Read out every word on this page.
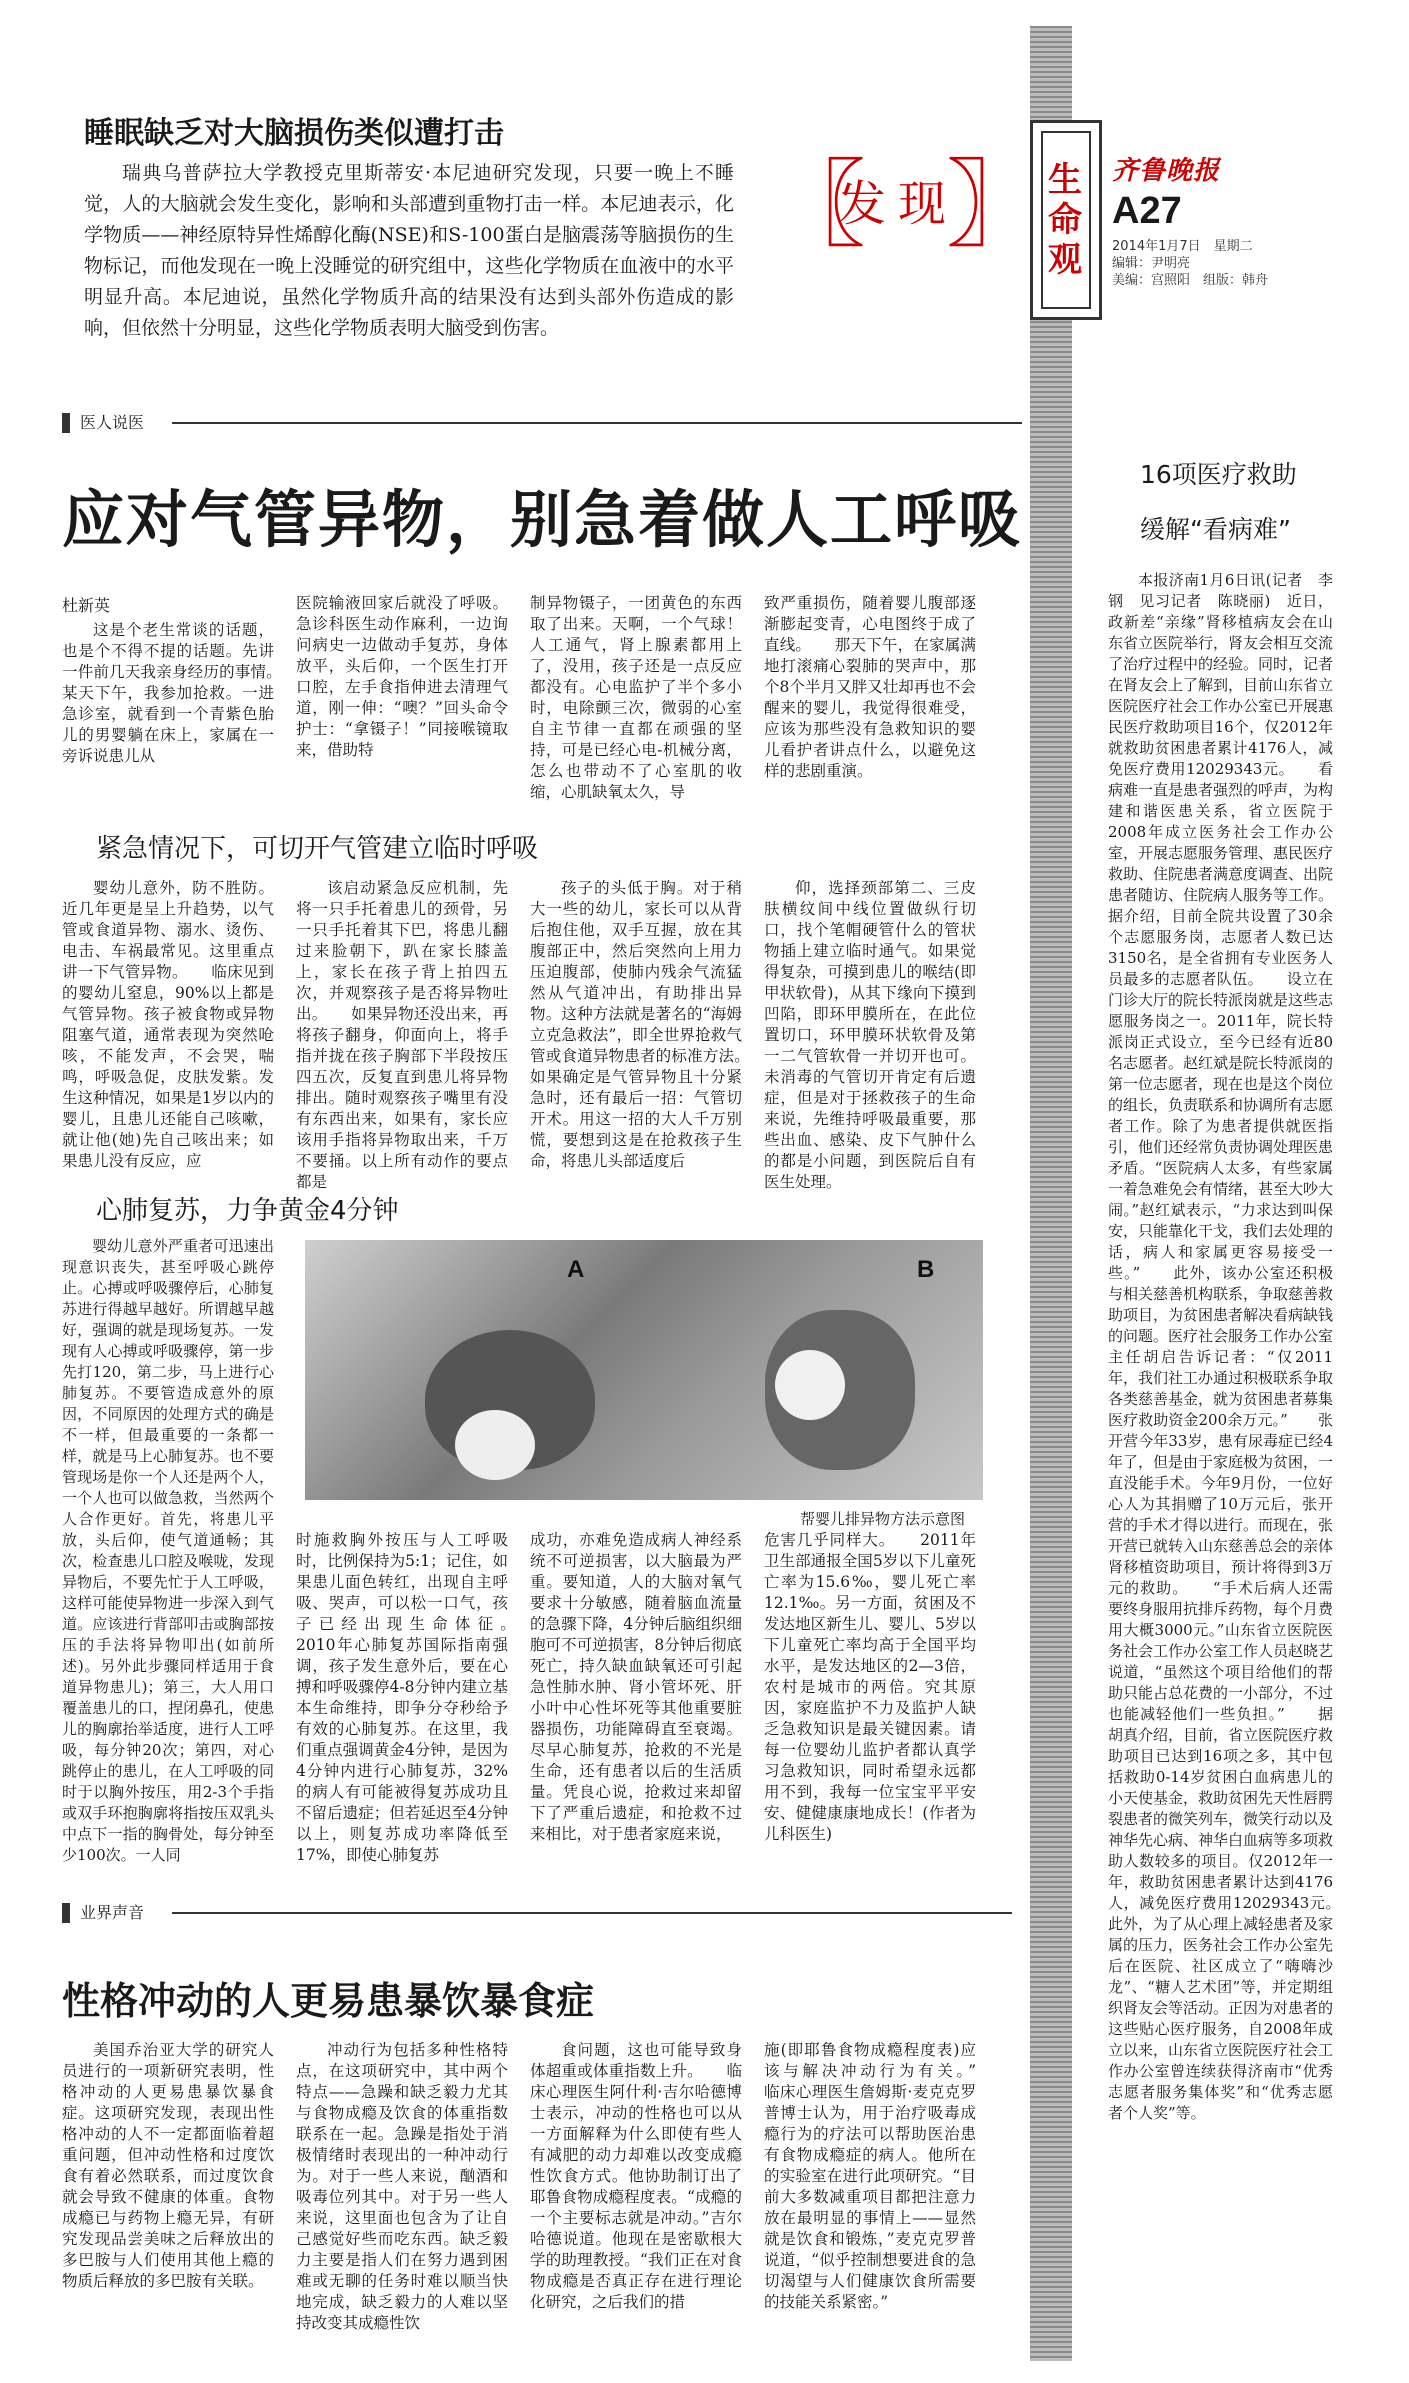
生命观
齐鲁晚报
A27
2014年1月7日　星期二
编辑：尹明亮
美编：宫照阳　组版：韩舟
〖
发现
〗
睡眠缺乏对大脑损伤类似遭打击
瑞典乌普萨拉大学教授克里斯蒂安·本尼迪研究发现，只要一晚上不睡觉，人的大脑就会发生变化，影响和头部遭到重物打击一样。本尼迪表示，化学物质——神经原特异性烯醇化酶(NSE)和S-100蛋白是脑震荡等脑损伤的生物标记，而他发现在一晚上没睡觉的研究组中，这些化学物质在血液中的水平明显升高。本尼迪说，虽然化学物质升高的结果没有达到头部外伤造成的影响，但依然十分明显，这些化学物质表明大脑受到伤害。
医人说医
应对气管异物，别急着做人工呼吸
杜新英

这是个老生常谈的话题，也是个不得不提的话题。先讲一件前几天我亲身经历的事情。　　某天下午，我参加抢救。一进急诊室，就看到一个青紫色胎儿的男婴躺在床上，家属在一旁诉说患儿从

医院输液回家后就没了呼吸。急诊科医生动作麻利，一边询问病史一边做动手复苏，身体放平，头后仰，一个医生打开口腔，左手食指伸进去清理气道，刚一伸：“噢？”回头命令护士：“拿镊子！”同接喉镜取来，借助特

制异物镊子，一团黄色的东西取了出来。天啊，一个气球！人工通气，肾上腺素都用上了，没用，孩子还是一点反应都没有。心电监护了半个多小时，电除颤三次，微弱的心室自主节律一直都在顽强的坚持，可是已经心电-机械分离，怎么也带动不了心室肌的收缩，心肌缺氧太久，导

致严重损伤，随着婴儿腹部逐渐膨起变青，心电图终于成了直线。　　那天下午，在家属满地打滚痛心裂肺的哭声中，那个8个半月又胖又壮却再也不会醒来的婴儿，我觉得很难受，应该为那些没有急救知识的婴儿看护者讲点什么，以避免这样的悲剧重演。

紧急情况下，可切开气管建立临时呼吸

婴幼儿意外，防不胜防。近几年更是呈上升趋势，以气管或食道异物、溺水、烫伤、电击、车祸最常见。这里重点讲一下气管异物。　　临床见到的婴幼儿窒息，90%以上都是气管异物。孩子被食物或异物阻塞气道，通常表现为突然呛咳，不能发声，不会哭，喘鸣，呼吸急促，皮肤发紫。发生这种情况，如果是1岁以内的婴儿，且患儿还能自己咳嗽，就让他(她)先自己咳出来；如果患儿没有反应，应

该启动紧急反应机制，先将一只手托着患儿的颈骨，另一只手托着其下巴，将患儿翻过来脸朝下，趴在家长膝盖上，家长在孩子背上拍四五次，并观察孩子是否将异物吐出。　　如果异物还没出来，再将孩子翻身，仰面向上，将手指并拢在孩子胸部下半段按压四五次，反复直到患儿将异物排出。随时观察孩子嘴里有没有东西出来，如果有，家长应该用手指将异物取出来，千万不要捅。以上所有动作的要点都是

孩子的头低于胸。对于稍大一些的幼儿，家长可以从背后抱住他，双手互握，放在其腹部正中，然后突然向上用力压迫腹部，使肺内残余气流猛然从气道冲出，有助排出异物。这种方法就是著名的“海姆立克急救法”，即全世界抢救气管或食道异物患者的标准方法。　　如果确定是气管异物且十分紧急时，还有最后一招：气管切开术。用这一招的大人千万别慌，要想到这是在抢救孩子生命，将患儿头部适度后

仰，选择颈部第二、三皮肤横纹间中线位置做纵行切口，找个笔帽硬管什么的管状物插上建立临时通气。如果觉得复杂，可摸到患儿的喉结(即甲状软骨)，从其下缘向下摸到凹陷，即环甲膜所在，在此位置切口，环甲膜环状软骨及第一二气管软骨一并切开也可。未消毒的气管切开肯定有后遗症，但是对于拯救孩子的生命来说，先维持呼吸最重要，那些出血、感染、皮下气肿什么的都是小问题，到医院后自有医生处理。

心肺复苏，力争黄金4分钟

婴幼儿意外严重者可迅速出现意识丧失，甚至呼吸心跳停止。心搏或呼吸骤停后，心肺复苏进行得越早越好。所谓越早越好，强调的就是现场复苏。一发现有人心搏或呼吸骤停，第一步先打120，第二步，马上进行心肺复苏。不要管造成意外的原因，不同原因的处理方式的确是不一样，但最重要的一条都一样，就是马上心肺复苏。也不要管现场是你一个人还是两个人，一个人也可以做急救，当然两个人合作更好。首先，将患儿平放，头后仰，使气道通畅；其次，检查患儿口腔及喉咙，发现异物后，不要先忙于人工呼吸，这样可能使异物进一步深入到气道。应该进行背部叩击或胸部按压的手法将异物叩出(如前所述)。另外此步骤同样适用于食道异物患儿)；第三，大人用口覆盖患儿的口，捏闭鼻孔，使患儿的胸廓抬举适度，进行人工呼吸，每分钟20次；第四，对心跳停止的患儿，在人工呼吸的同时于以胸外按压，用2-3个手指或双手环抱胸廓将指按压双乳头中点下一指的胸骨处，每分钟至少100次。一人同

A	B
帮婴儿排异物方法示意图

时施救胸外按压与人工呼吸时，比例保持为5:1；记住，如果患儿面色转红，出现自主呼吸、哭声，可以松一口气，孩子已经出现生命体征。　　2010年心肺复苏国际指南强调，孩子发生意外后，要在心搏和呼吸骤停4-8分钟内建立基本生命维持，即争分夺秒给予有效的心肺复苏。在这里，我们重点强调黄金4分钟，是因为4分钟内进行心肺复苏，32%的病人有可能被得复苏成功且不留后遗症；但若延迟至4分钟以上，则复苏成功率降低至17%，即使心肺复苏

成功，亦难免造成病人神经系统不可逆损害，以大脑最为严重。要知道，人的大脑对氧气要求十分敏感，随着脑血流量的急骤下降，4分钟后脑组织细胞可不可逆损害，8分钟后彻底死亡，持久缺血缺氧还可引起急性肺水肿、肾小管坏死、肝小叶中心性坏死等其他重要脏器损伤，功能障碍直至衰竭。尽早心肺复苏，抢救的不光是生命，还有患者以后的生活质量。凭良心说，抢救过来却留下了严重后遗症，和抢救不过来相比，对于患者家庭来说，

危害几乎同样大。　　2011年卫生部通报全国5岁以下儿童死亡率为15.6‰，婴儿死亡率12.1‰。另一方面，贫困及不发达地区新生儿、婴儿、5岁以下儿童死亡率均高于全国平均水平，是发达地区的2—3倍，农村是城市的两倍。究其原因，家庭监护不力及监护人缺乏急救知识是最关键因素。请每一位婴幼儿监护者都认真学习急救知识，同时希望永远都用不到，我每一位宝宝平平安安、健健康康地成长！(作者为儿科医生)

16项医疗救助
缓解“看病难”

本报济南1月6日讯(记者　李钢　见习记者　陈晓丽)　近日，政新差“亲缘”肾移植病友会在山东省立医院举行，肾友会相互交流了治疗过程中的经验。同时，记者在肾友会上了解到，目前山东省立医院医疗社会工作办公室已开展惠民医疗救助项目16个，仅2012年就救助贫困患者累计4176人，减免医疗费用12029343元。　　看病难一直是患者强烈的呼声，为构建和谐医患关系，省立医院于2008年成立医务社会工作办公室，开展志愿服务管理、惠民医疗救助、住院患者满意度调查、出院患者随访、住院病人服务等工作。据介绍，目前全院共设置了30余个志愿服务岗，志愿者人数已达3150名，是全省拥有专业医务人员最多的志愿者队伍。　　设立在门诊大厅的院长特派岗就是这些志愿服务岗之一。2011年，院长特派岗正式设立，至今已经有近80名志愿者。赵红斌是院长特派岗的第一位志愿者，现在也是这个岗位的组长，负责联系和协调所有志愿者工作。除了为患者提供就医指引，他们还经常负责协调处理医患矛盾。“医院病人太多，有些家属一着急难免会有情绪，甚至大吵大闹。”赵红斌表示，“力求达到叫保安，只能靠化干戈，我们去处理的话，病人和家属更容易接受一些。”　　此外，该办公室还积极与相关慈善机构联系，争取慈善救助项目，为贫困患者解决看病缺钱的问题。医疗社会服务工作办公室主任胡启告诉记者：“仅2011年，我们社工办通过积极联系争取各类慈善基金，就为贫困患者募集医疗救助资金200余万元。”　　张开营今年33岁，患有尿毒症已经4年了，但是由于家庭极为贫困，一直没能手术。今年9月份，一位好心人为其捐赠了10万元后，张开营的手术才得以进行。而现在，张开营已就转入山东慈善总会的亲体肾移植资助项目，预计将得到3万元的救助。　　“手术后病人还需要终身服用抗排斥药物，每个月费用大概3000元。”山东省立医院医务社会工作办公室工作人员赵晓艺说道，“虽然这个项目给他们的帮助只能占总花费的一小部分，不过也能减轻他们一些负担。”　　据胡真介绍，目前，省立医院医疗救助项目已达到16项之多，其中包括救助0-14岁贫困白血病患儿的小天使基金，救助贫困先天性唇腭裂患者的微笑列车，微笑行动以及神华先心病、神华白血病等多项救助人数较多的项目。仅2012年一年，救助贫困患者累计达到4176人，减免医疗费用12029343元。　　此外，为了从心理上减轻患者及家属的压力，医务社会工作办公室先后在医院、社区成立了“嗨嗨沙龙”、“糖人艺术团”等，并定期组织肾友会等活动。正因为对患者的这些贴心医疗服务，自2008年成立以来，山东省立医院医疗社会工作办公室曾连续获得济南市“优秀志愿者服务集体奖”和“优秀志愿者个人奖”等。

业界声音
性格冲动的人更易患暴饮暴食症

美国乔治亚大学的研究人员进行的一项新研究表明，性格冲动的人更易患暴饮暴食症。这项研究发现，表现出性格冲动的人不一定都面临着超重问题，但冲动性格和过度饮食有着必然联系，而过度饮食就会导致不健康的体重。食物成瘾已与药物上瘾无异，有研究发现品尝美味之后释放出的多巴胺与人们使用其他上瘾的物质后释放的多巴胺有关联。

冲动行为包括多种性格特点，在这项研究中，其中两个特点——急躁和缺乏毅力尤其与食物成瘾及饮食的体重指数联系在一起。急躁是指处于消极情绪时表现出的一种冲动行为。对于一些人来说，酗酒和吸毒位列其中。对于另一些人来说，这里面也包含为了让自己感觉好些而吃东西。缺乏毅力主要是指人们在努力遇到困难或无聊的任务时难以顺当快地完成，缺乏毅力的人难以坚持改变其成瘾性饮

食问题，这也可能导致身体超重或体重指数上升。　　临床心理医生阿什利·吉尔哈德博士表示，冲动的性格也可以从一方面解释为什么即使有些人有减肥的动力却难以改变成瘾性饮食方式。他协助制订出了耶鲁食物成瘾程度表。“成瘾的一个主要标志就是冲动。”吉尔哈德说道。他现在是密歇根大学的助理教授。“我们正在对食物成瘾是否真正存在进行理论化研究，之后我们的措

施(即耶鲁食物成瘾程度表)应该与解决冲动行为有关。”　　临床心理医生詹姆斯·麦克克罗普博士认为，用于治疗吸毒成瘾行为的疗法可以帮助医治患有食物成瘾症的病人。他所在的实验室在进行此项研究。“目前大多数减重项目都把注意力放在最明显的事情上——显然就是饮食和锻炼，”麦克克罗普说道，“似乎控制想要进食的急切渴望与人们健康饮食所需要的技能关系紧密。”
